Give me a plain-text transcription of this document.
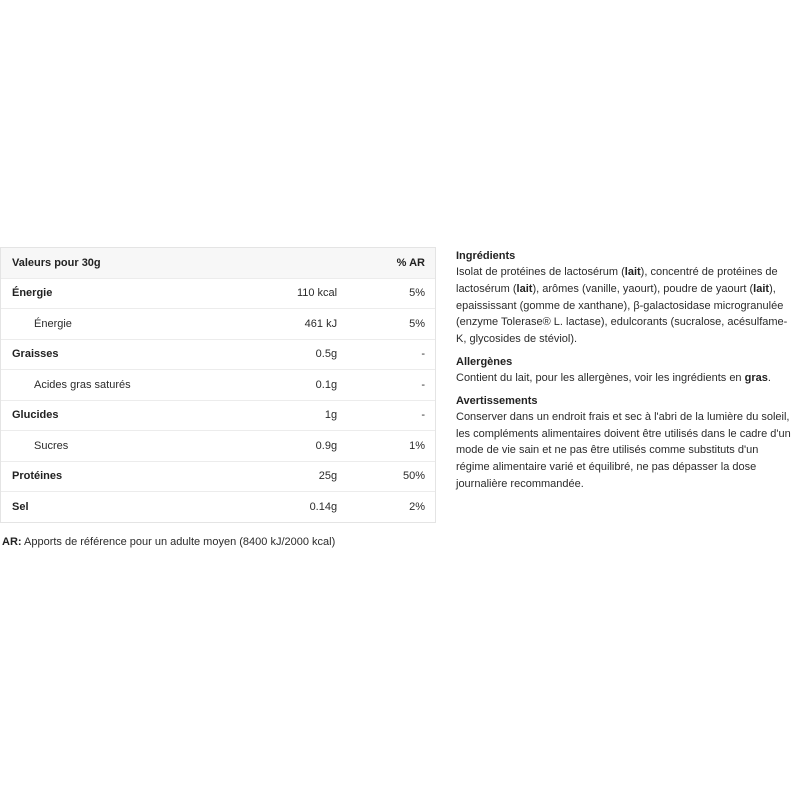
Valeurs pour 30g		% AR
Énergie	110 kcal	5%
Énergie	461 kJ	5%
Graisses	0.5g	-
Acides gras saturés	0.1g	-
Glucides	1g	-
Sucres	0.9g	1%
Protéines	25g	50%
Sel	0.14g	2%
AR: Apports de référence pour un adulte moyen (8400 kJ/2000 kcal)
Ingrédients

Isolat de protéines de lactosérum (lait), concentré de protéines de lactosérum (lait), arômes (vanille, yaourt), poudre de yaourt (lait), epaississant (gomme de xanthane), β-galactosidase microgranulée (enzyme Tolerase® L. lactase), edulcorants (sucralose, acésulfame-K, glycosides de stéviol).

Allergènes

Contient du lait, pour les allergènes, voir les ingrédients en gras.

Avertissements

Conserver dans un endroit frais et sec à l'abri de la lumière du soleil, les compléments alimentaires doivent être utilisés dans le cadre d'un mode de vie sain et ne pas être utilisés comme substituts d'un régime alimentaire varié et équilibré, ne pas dépasser la dose journalière recommandée.
